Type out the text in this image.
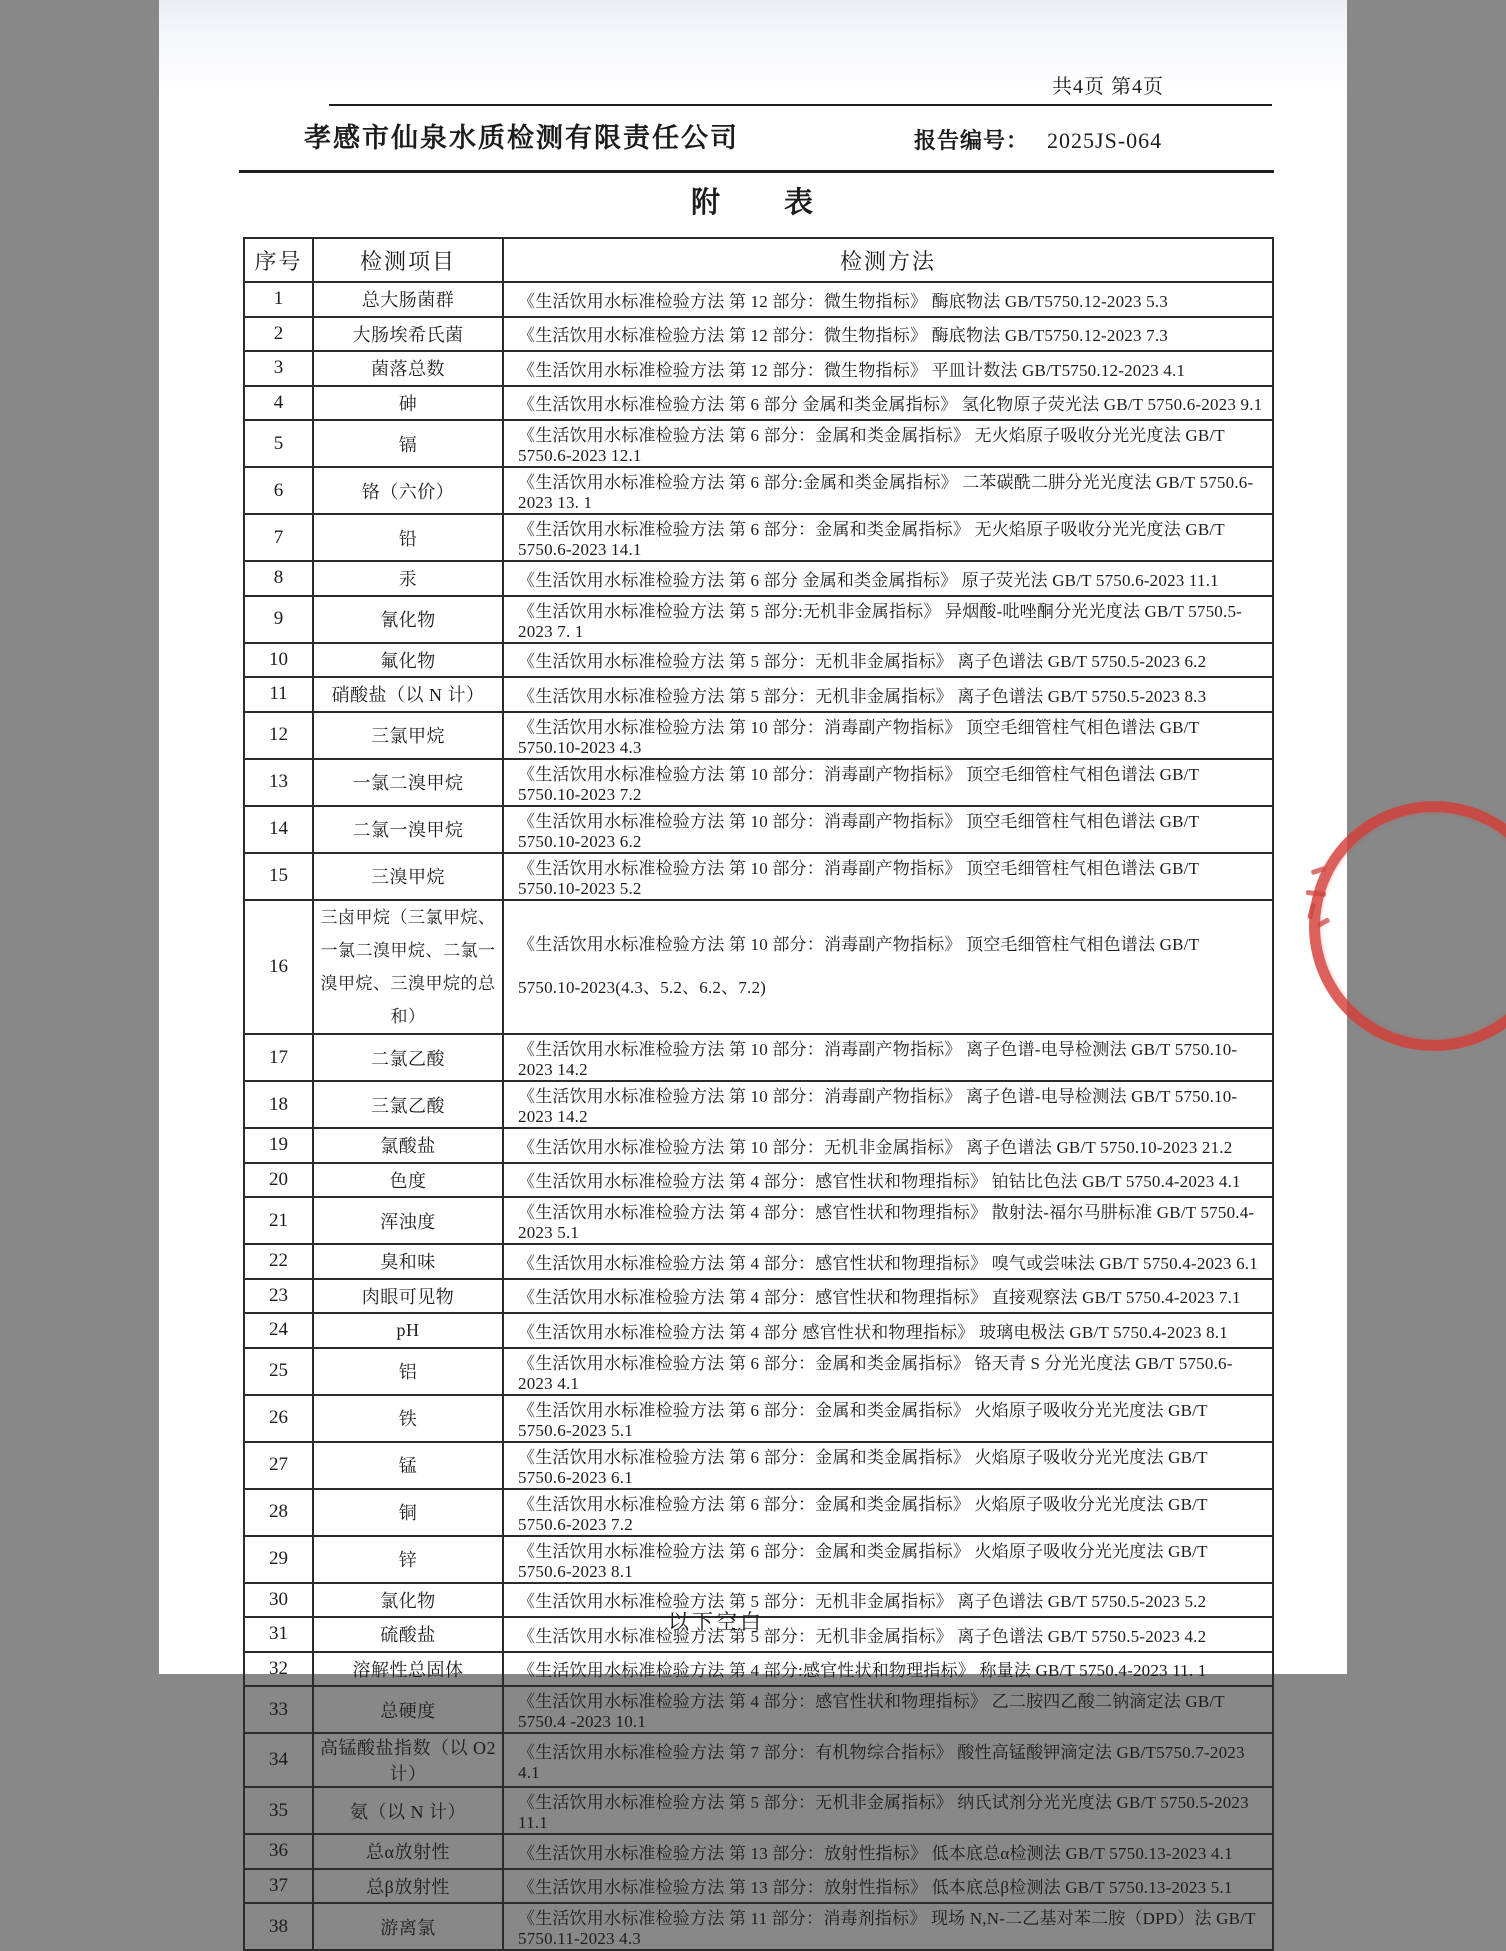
共4页 第4页
孝感市仙泉水质检测有限责任公司	报告编号： 2025JS-064
附　　表
序号	检测项目	检测方法
1	总大肠菌群	《生活饮用水标准检验方法 第 12 部分：微生物指标》 酶底物法 GB/T5750.12-2023 5.3
2	大肠埃希氏菌	《生活饮用水标准检验方法 第 12 部分：微生物指标》 酶底物法 GB/T5750.12-2023 7.3
3	菌落总数	《生活饮用水标准检验方法 第 12 部分：微生物指标》 平皿计数法 GB/T5750.12-2023 4.1
4	砷	《生活饮用水标准检验方法 第 6 部分 金属和类金属指标》 氢化物原子荧光法 GB/T 5750.6-2023 9.1
5	镉	《生活饮用水标准检验方法 第 6 部分：金属和类金属指标》 无火焰原子吸收分光光度法 GB/T 5750.6-2023 12.1
6	铬（六价）	《生活饮用水标准检验方法 第 6 部分:金属和类金属指标》 二苯碳酰二肼分光光度法 GB/T 5750.6-2023 13. 1
7	铅	《生活饮用水标准检验方法 第 6 部分：金属和类金属指标》 无火焰原子吸收分光光度法 GB/T 5750.6-2023 14.1
8	汞	《生活饮用水标准检验方法 第 6 部分 金属和类金属指标》 原子荧光法 GB/T 5750.6-2023 11.1
9	氰化物	《生活饮用水标准检验方法 第 5 部分:无机非金属指标》 异烟酸-吡唑酮分光光度法 GB/T 5750.5-2023 7. 1
10	氟化物	《生活饮用水标准检验方法 第 5 部分：无机非金属指标》 离子色谱法 GB/T 5750.5-2023 6.2
11	硝酸盐（以 N 计）	《生活饮用水标准检验方法 第 5 部分：无机非金属指标》 离子色谱法 GB/T 5750.5-2023 8.3
12	三氯甲烷	《生活饮用水标准检验方法 第 10 部分：消毒副产物指标》 顶空毛细管柱气相色谱法 GB/T 5750.10-2023 4.3
13	一氯二溴甲烷	《生活饮用水标准检验方法 第 10 部分：消毒副产物指标》 顶空毛细管柱气相色谱法 GB/T 5750.10-2023 7.2
14	二氯一溴甲烷	《生活饮用水标准检验方法 第 10 部分：消毒副产物指标》 顶空毛细管柱气相色谱法 GB/T 5750.10-2023 6.2
15	三溴甲烷	《生活饮用水标准检验方法 第 10 部分：消毒副产物指标》 顶空毛细管柱气相色谱法 GB/T 5750.10-2023 5.2
16	三卤甲烷（三氯甲烷、一氯二溴甲烷、二氯一溴甲烷、三溴甲烷的总和）	《生活饮用水标准检验方法 第 10 部分：消毒副产物指标》 顶空毛细管柱气相色谱法 GB/T 5750.10-2023(4.3、5.2、6.2、7.2)
17	二氯乙酸	《生活饮用水标准检验方法 第 10 部分：消毒副产物指标》 离子色谱-电导检测法 GB/T 5750.10-2023 14.2
18	三氯乙酸	《生活饮用水标准检验方法 第 10 部分：消毒副产物指标》 离子色谱-电导检测法 GB/T 5750.10-2023 14.2
19	氯酸盐	《生活饮用水标准检验方法 第 10 部分：无机非金属指标》 离子色谱法 GB/T 5750.10-2023 21.2
20	色度	《生活饮用水标准检验方法 第 4 部分：感官性状和物理指标》 铂钴比色法 GB/T 5750.4-2023 4.1
21	浑浊度	《生活饮用水标准检验方法 第 4 部分：感官性状和物理指标》 散射法-福尔马肼标准 GB/T 5750.4-2023 5.1
22	臭和味	《生活饮用水标准检验方法 第 4 部分：感官性状和物理指标》 嗅气或尝味法 GB/T 5750.4-2023 6.1
23	肉眼可见物	《生活饮用水标准检验方法 第 4 部分：感官性状和物理指标》 直接观察法 GB/T 5750.4-2023 7.1
24	pH	《生活饮用水标准检验方法 第 4 部分 感官性状和物理指标》 玻璃电极法 GB/T 5750.4-2023 8.1
25	铝	《生活饮用水标准检验方法 第 6 部分：金属和类金属指标》 铬天青 S 分光光度法 GB/T 5750.6-2023 4.1
26	铁	《生活饮用水标准检验方法 第 6 部分：金属和类金属指标》 火焰原子吸收分光光度法 GB/T 5750.6-2023 5.1
27	锰	《生活饮用水标准检验方法 第 6 部分：金属和类金属指标》 火焰原子吸收分光光度法 GB/T 5750.6-2023 6.1
28	铜	《生活饮用水标准检验方法 第 6 部分：金属和类金属指标》 火焰原子吸收分光光度法 GB/T 5750.6-2023 7.2
29	锌	《生活饮用水标准检验方法 第 6 部分：金属和类金属指标》 火焰原子吸收分光光度法 GB/T 5750.6-2023 8.1
30	氯化物	《生活饮用水标准检验方法 第 5 部分：无机非金属指标》 离子色谱法 GB/T 5750.5-2023 5.2
31	硫酸盐	《生活饮用水标准检验方法 第 5 部分：无机非金属指标》 离子色谱法 GB/T 5750.5-2023 4.2
32	溶解性总固体	《生活饮用水标准检验方法 第 4 部分:感官性状和物理指标》 称量法 GB/T 5750.4-2023 11. 1
33	总硬度	《生活饮用水标准检验方法 第 4 部分：感官性状和物理指标》 乙二胺四乙酸二钠滴定法 GB/T 5750.4 -2023 10.1
34	高锰酸盐指数（以 O2 计）	《生活饮用水标准检验方法 第 7 部分：有机物综合指标》 酸性高锰酸钾滴定法 GB/T5750.7-2023 4.1
35	氨（以 N 计）	《生活饮用水标准检验方法 第 5 部分：无机非金属指标》 纳氏试剂分光光度法 GB/T 5750.5-2023 11.1
36	总α放射性	《生活饮用水标准检验方法 第 13 部分：放射性指标》 低本底总α检测法 GB/T 5750.13-2023 4.1
37	总β放射性	《生活饮用水标准检验方法 第 13 部分：放射性指标》 低本底总β检测法 GB/T 5750.13-2023 5.1
38	游离氯	《生活饮用水标准检验方法 第 11 部分：消毒剂指标》 现场 N,N-二乙基对苯二胺（DPD）法 GB/T 5750.11-2023 4.3
以下空白
